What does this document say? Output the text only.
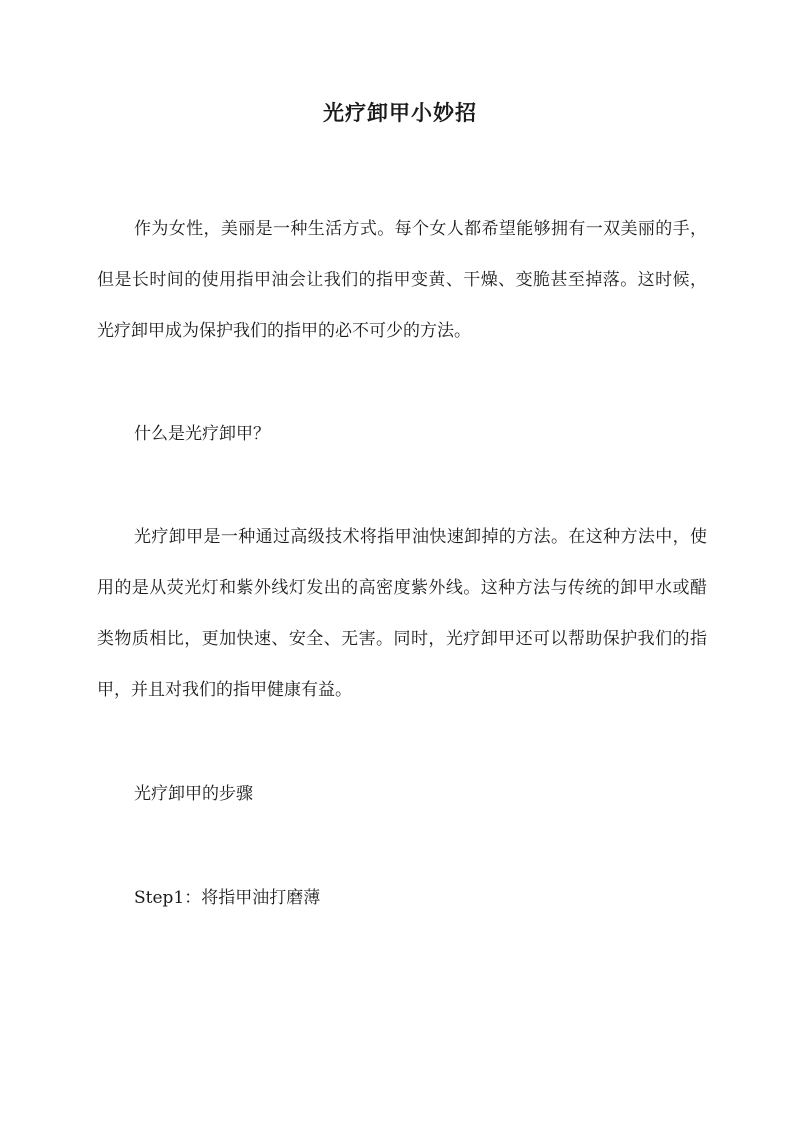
光疗卸甲小妙招

作为女性，美丽是一种生活方式。每个女人都希望能够拥有一双美丽的手，但是长时间的使用指甲油会让我们的指甲变黄、干燥、变脆甚至掉落。这时候，光疗卸甲成为保护我们的指甲的必不可少的方法。

什么是光疗卸甲？

光疗卸甲是一种通过高级技术将指甲油快速卸掉的方法。在这种方法中，使用的是从荧光灯和紫外线灯发出的高密度紫外线。这种方法与传统的卸甲水或醋类物质相比，更加快速、安全、无害。同时，光疗卸甲还可以帮助保护我们的指甲，并且对我们的指甲健康有益。

光疗卸甲的步骤

Step1：将指甲油打磨薄
